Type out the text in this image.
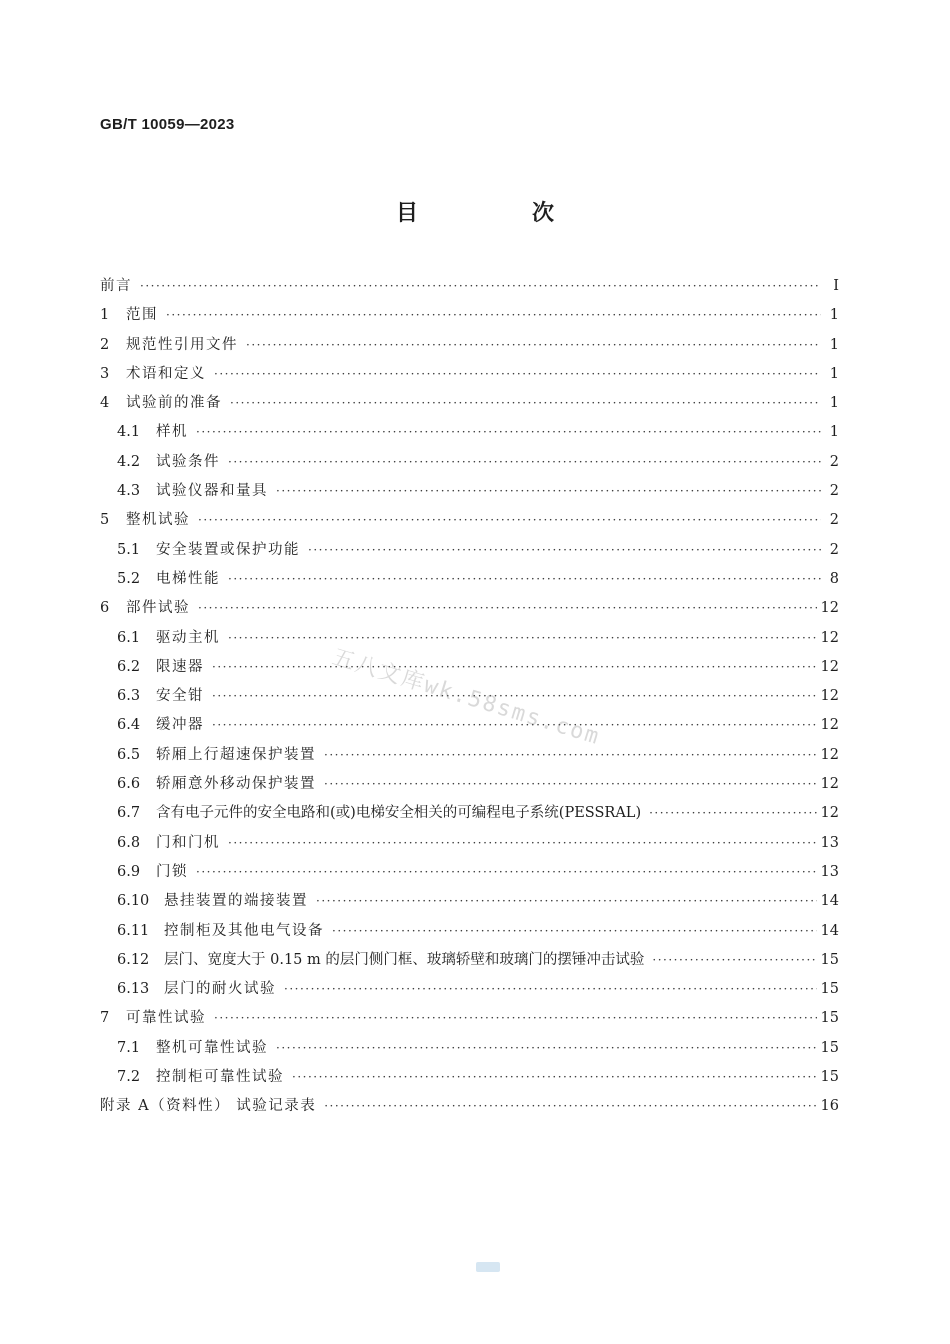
GB/T 10059—2023
目　次
前言 ·····	Ⅰ
1	范围 ·····	1
2	规范性引用文件 ·····	1
3	术语和定义 ·····	1
4	试验前的准备 ·····	1
4.1	样机 ·····	1
4.2	试验条件 ·····	2
4.3	试验仪器和量具 ·····	2
5	整机试验 ·····	2
5.1	安全装置或保护功能 ·····	2
5.2	电梯性能 ·····	8
6	部件试验 ·····	12
6.1	驱动主机 ·····	12
6.2	限速器 ·····	12
6.3	安全钳 ·····	12
6.4	缓冲器 ·····	12
6.5	轿厢上行超速保护装置 ·····	12
6.6	轿厢意外移动保护装置 ·····	12
6.7	含有电子元件的安全电路和(或)电梯安全相关的可编程电子系统(PESSRAL) ·····	12
6.8	门和门机 ·····	13
6.9	门锁 ·····	13
6.10	悬挂装置的端接装置 ·····	14
6.11	控制柜及其他电气设备 ·····	14
6.12	层门、宽度大于 0.15 m 的层门侧门框、玻璃轿壁和玻璃门的摆锤冲击试验 ·····	15
6.13	层门的耐火试验 ·····	15
7	可靠性试验 ·····	15
7.1	整机可靠性试验 ·····	15
7.2	控制柜可靠性试验 ·····	15
附录 A（资料性） 试验记录表 ·····	16
五八文库wk.58sms.com
